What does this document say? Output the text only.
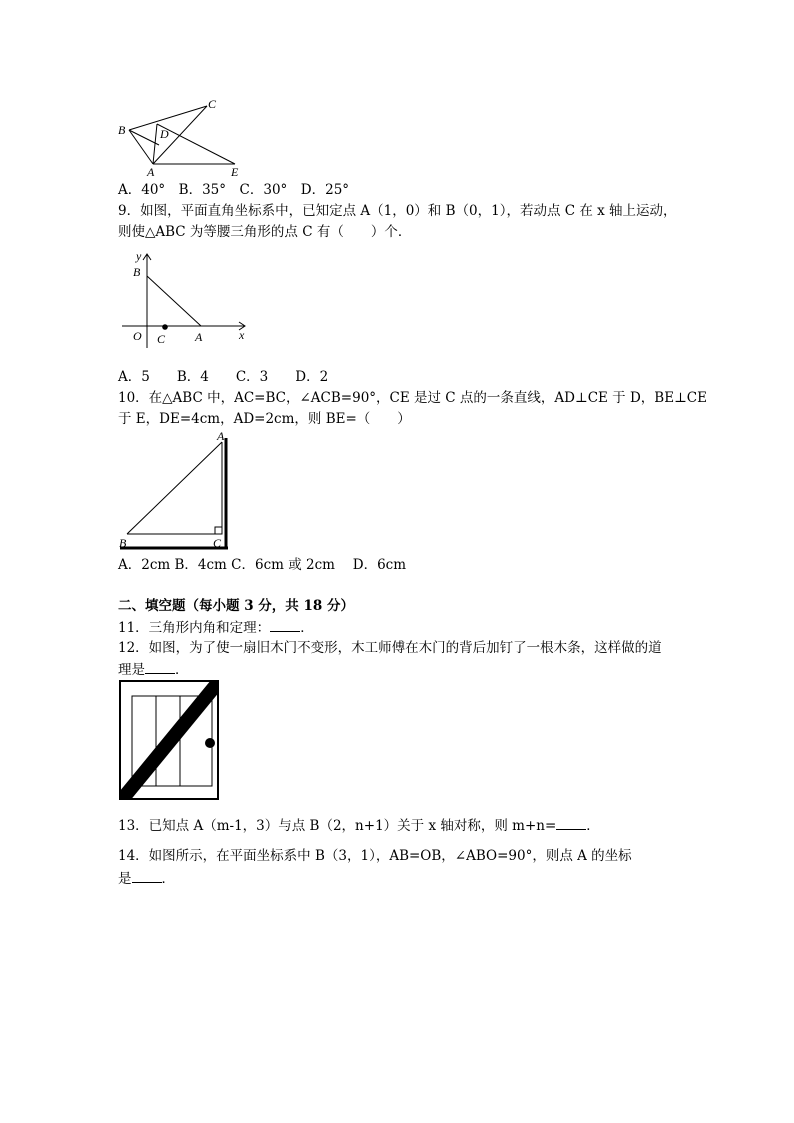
B
C
D
A	E
A．40°　B．35°　C．30°　D．25°
9．如图，平面直角坐标系中，已知定点 A（1，0）和 B（0，1），若动点 C 在 x 轴上运动，
则使△ABC 为等腰三角形的点 C 有（　　）个．
y
x
O
B
C A
A．5　　B．4　　C．3　　D．2
10．在△ABC 中，AC=BC，∠ACB=90°，CE 是过 C 点的一条直线，AD⊥CE 于 D，BE⊥CE
于 E，DE=4cm，AD=2cm，则 BE=（　　）
A
B	C
A．2cm B．4cm C．6cm 或 2cm　 D．6cm
二、填空题（每小题 3 分，共 18 分）
11．三角形内角和定理： ．
12．如图，为了使一扇旧木门不变形，木工师傅在木门的背后加钉了一根木条，这样做的道
理是 ．
13．已知点 A（m-1，3）与点 B（2，n+1）关于 x 轴对称，则 m+n= ．
14．如图所示，在平面坐标系中 B（3，1），AB=OB，∠ABO=90°，则点 A 的坐标
是 ．
